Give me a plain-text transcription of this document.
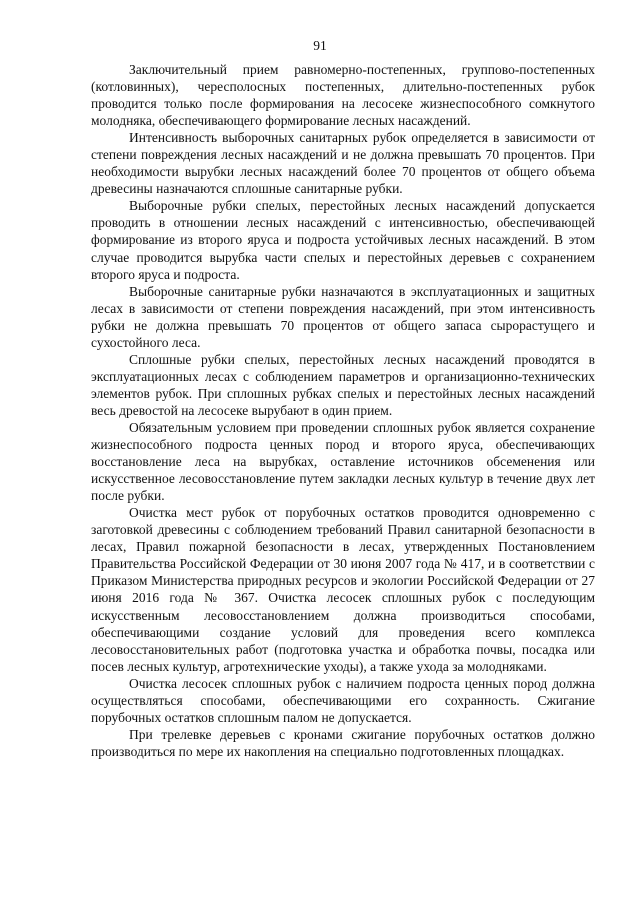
91

Заключительный прием равномерно-постепенных, группово-постепенных (котловинных), чересполосных постепенных, длительно-постепенных рубок проводится только после формирования на лесосеке жизнеспособного сомкнутого молодняка, обеспечивающего формирование лесных насаждений.

Интенсивность выборочных санитарных рубок определяется в зависимости от степени повреждения лесных насаждений и не должна превышать 70 процентов. При необходимости вырубки лесных насаждений более 70 процентов от общего объема древесины назначаются сплошные санитарные рубки.

Выборочные рубки спелых, перестойных лесных насаждений допускается проводить в отношении лесных насаждений с интенсивностью, обеспечивающей формирование из второго яруса и подроста устойчивых лесных насаждений. В этом случае проводится вырубка части спелых и перестойных деревьев с сохранением второго яруса и подроста.

Выборочные санитарные рубки назначаются в эксплуатационных и защитных лесах в зависимости от степени повреждения насаждений, при этом интенсивность рубки не должна превышать 70 процентов от общего запаса сырорастущего и сухостойного леса.

Сплошные рубки спелых, перестойных лесных насаждений проводятся в эксплуатационных лесах с соблюдением параметров и организационно-технических элементов рубок. При сплошных рубках спелых и перестойных лесных насаждений весь древостой на лесосеке вырубают в один прием.

Обязательным условием при проведении сплошных рубок является сохранение жизнеспособного подроста ценных пород и второго яруса, обеспечивающих восстановление леса на вырубках, оставление источников обсеменения или искусственное лесовосстановление путем закладки лесных культур в течение двух лет после рубки.

Очистка мест рубок от порубочных остатков проводится одновременно с заготовкой древесины с соблюдением требований Правил санитарной безопасности в лесах, Правил пожарной безопасности в лесах, утвержденных Постановлением Правительства Российской Федерации от 30 июня 2007 года № 417, и в соответствии с Приказом Министерства природных ресурсов и экологии Российской Федерации от 27 июня 2016 года № 367. Очистка лесосек сплошных рубок с последующим искусственным лесовосстановлением должна производиться способами, обеспечивающими создание условий для проведения всего комплекса лесовосстановительных работ (подготовка участка и обработка почвы, посадка или посев лесных культур, агротехнические уходы), а также ухода за молодняками.

Очистка лесосек сплошных рубок с наличием подроста ценных пород должна осуществляться способами, обеспечивающими его сохранность. Сжигание порубочных остатков сплошным палом не допускается.

При трелевке деревьев с кронами сжигание порубочных остатков должно производиться по мере их накопления на специально подготовленных площадках.
